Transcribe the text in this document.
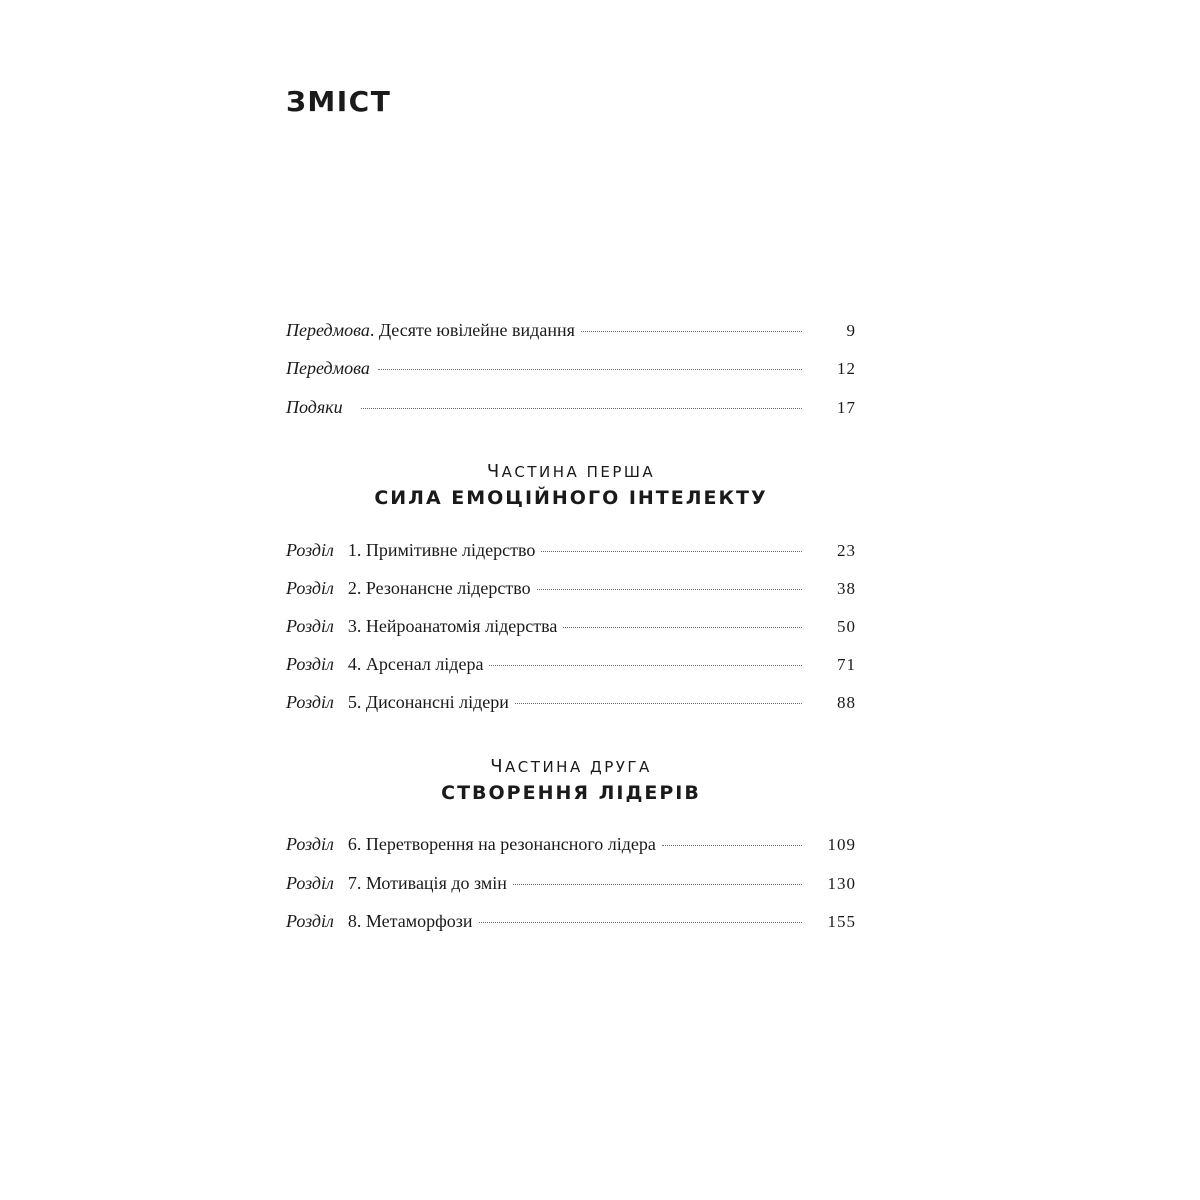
ЗМІСТ
Передмова . Десяте ювілейне видання	9
Передмова	12
Подяки	17
ЧАСТИНА ПЕРША
СИЛА ЕМОЦІЙНОГО ІНТЕЛЕКТУ
Розділ 1 . Примітивне лідерство	23
Розділ 2 . Резонансне лідерство	38
Розділ 3 . Нейроанатомія лідерства	50
Розділ 4 . Арсенал лідера	71
Розділ 5 . Дисонансні лідери	88
ЧАСТИНА ДРУГА
СТВОРЕННЯ ЛІДЕРІВ
Розділ 6 . Перетворення на резонансного лідера	109
Розділ 7 . Мотивація до змін	130
Розділ 8 . Метаморфози	155
